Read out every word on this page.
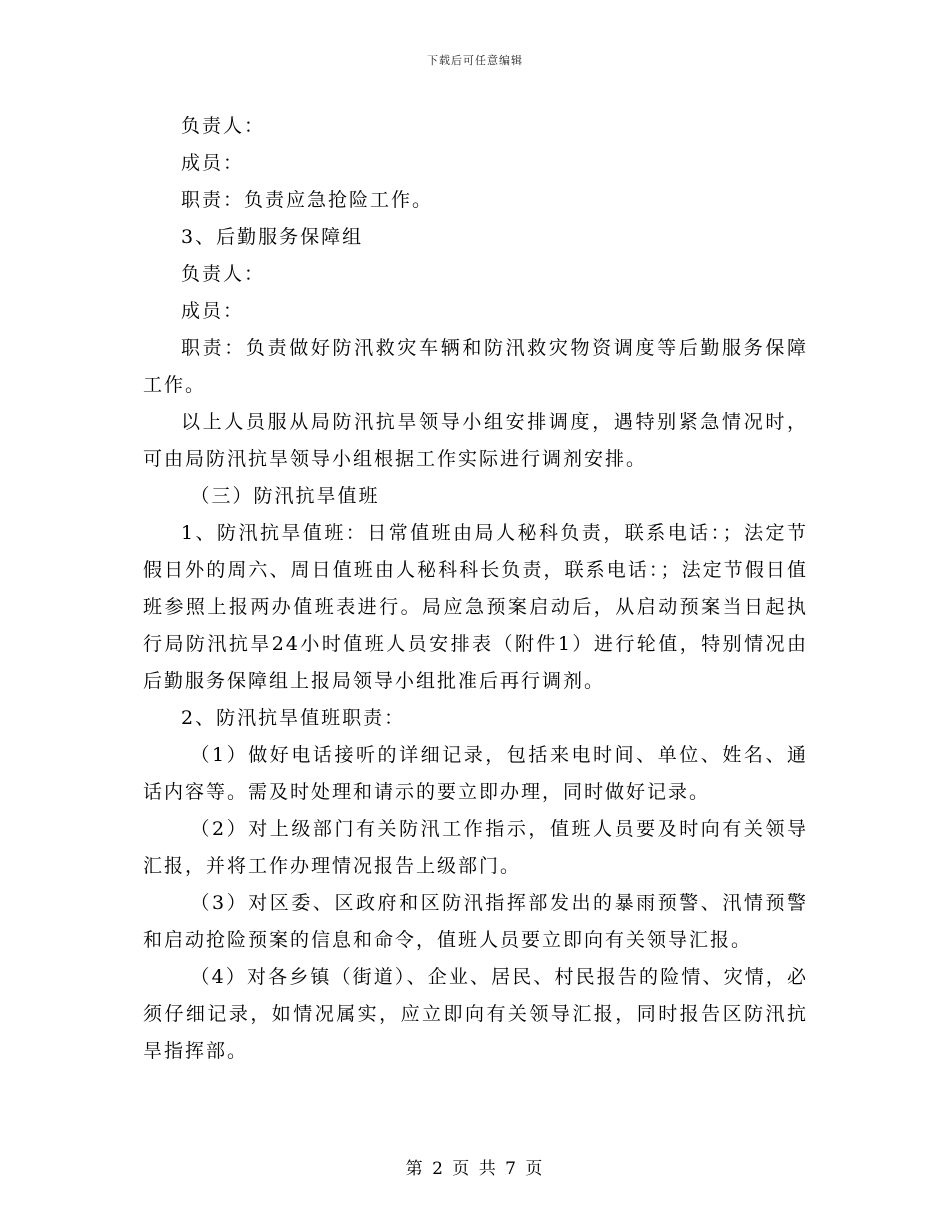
下载后可任意编辑

负责人：

成员：

职责：负责应急抢险工作。

3、后勤服务保障组

负责人：

成员：

职责：负责做好防汛救灾车辆和防汛救灾物资调度等后勤服务保障工作。

以上人员服从局防汛抗旱领导小组安排调度，遇特别紧急情况时，可由局防汛抗旱领导小组根据工作实际进行调剂安排。

（三）防汛抗旱值班

1、防汛抗旱值班：日常值班由局人秘科负责，联系电话：；法定节假日外的周六、周日值班由人秘科科长负责，联系电话：；法定节假日值班参照上报两办值班表进行。局应急预案启动后，从启动预案当日起执行局防汛抗旱24小时值班人员安排表（附件1）进行轮值，特别情况由后勤服务保障组上报局领导小组批准后再行调剂。

2、防汛抗旱值班职责：

（1）做好电话接听的详细记录，包括来电时间、单位、姓名、通话内容等。需及时处理和请示的要立即办理，同时做好记录。

（2）对上级部门有关防汛工作指示，值班人员要及时向有关领导汇报，并将工作办理情况报告上级部门。

（3）对区委、区政府和区防汛指挥部发出的暴雨预警、汛情预警和启动抢险预案的信息和命令，值班人员要立即向有关领导汇报。

（4）对各乡镇（街道）、企业、居民、村民报告的险情、灾情，必须仔细记录，如情况属实，应立即向有关领导汇报，同时报告区防汛抗旱指挥部。

第 2 页 共 7 页
